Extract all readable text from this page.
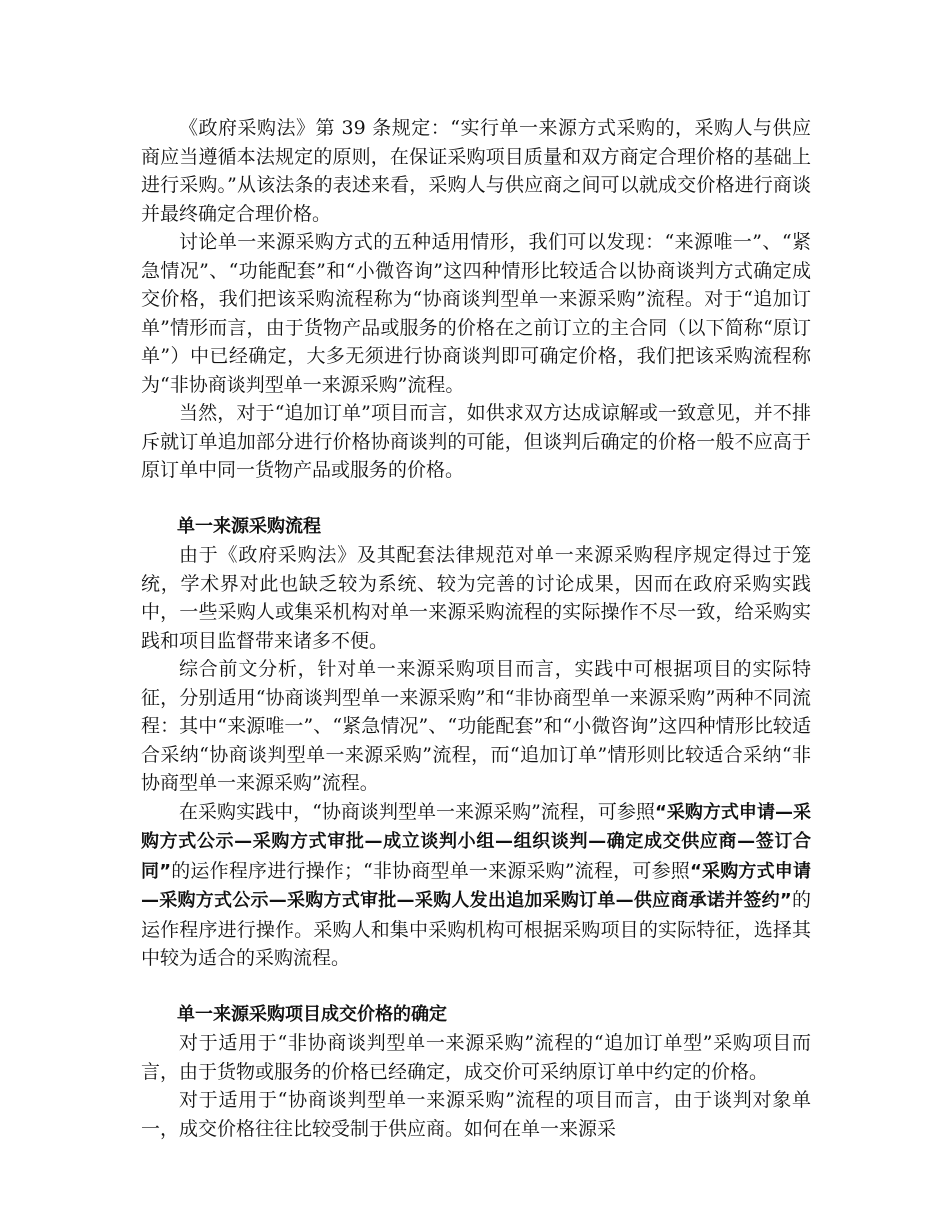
《政府采购法》第 39 条规定：“实行单一来源方式采购的，采购人与供应商应当遵循本法规定的原则，在保证采购项目质量和双方商定合理价格的基础上进行采购。”从该法条的表述来看，采购人与供应商之间可以就成交价格进行商谈并最终确定合理价格。

讨论单一来源采购方式的五种适用情形，我们可以发现：“来源唯一”、“紧急情况”、“功能配套”和“小微咨询”这四种情形比较适合以协商谈判方式确定成交价格，我们把该采购流程称为“协商谈判型单一来源采购”流程。对于“追加订单”情形而言，由于货物产品或服务的价格在之前订立的主合同（以下简称“原订单”）中已经确定，大多无须进行协商谈判即可确定价格，我们把该采购流程称为“非协商谈判型单一来源采购”流程。

当然，对于“追加订单”项目而言，如供求双方达成谅解或一致意见，并不排斥就订单追加部分进行价格协商谈判的可能，但谈判后确定的价格一般不应高于原订单中同一货物产品或服务的价格。

单一来源采购流程

由于《政府采购法》及其配套法律规范对单一来源采购程序规定得过于笼统，学术界对此也缺乏较为系统、较为完善的讨论成果，因而在政府采购实践中，一些采购人或集采机构对单一来源采购流程的实际操作不尽一致，给采购实践和项目监督带来诸多不便。

综合前文分析，针对单一来源采购项目而言，实践中可根据项目的实际特征，分别适用“协商谈判型单一来源采购”和“非协商型单一来源采购”两种不同流程：其中“来源唯一”、“紧急情况”、“功能配套”和“小微咨询”这四种情形比较适合采纳“协商谈判型单一来源采购”流程，而“追加订单”情形则比较适合采纳“非协商型单一来源采购”流程。

在采购实践中，“协商谈判型单一来源采购”流程，可参照“采购方式申请—采购方式公示—采购方式审批—成立谈判小组—组织谈判—确定成交供应商—签订合同”的运作程序进行操作；“非协商型单一来源采购”流程，可参照“采购方式申请—采购方式公示—采购方式审批—采购人发出追加采购订单—供应商承诺并签约”的运作程序进行操作。采购人和集中采购机构可根据采购项目的实际特征，选择其中较为适合的采购流程。

单一来源采购项目成交价格的确定

对于适用于“非协商谈判型单一来源采购”流程的“追加订单型”采购项目而言，由于货物或服务的价格已经确定，成交价可采纳原订单中约定的价格。

对于适用于“协商谈判型单一来源采购”流程的项目而言，由于谈判对象单一，成交价格往往比较受制于供应商。如何在单一来源采
